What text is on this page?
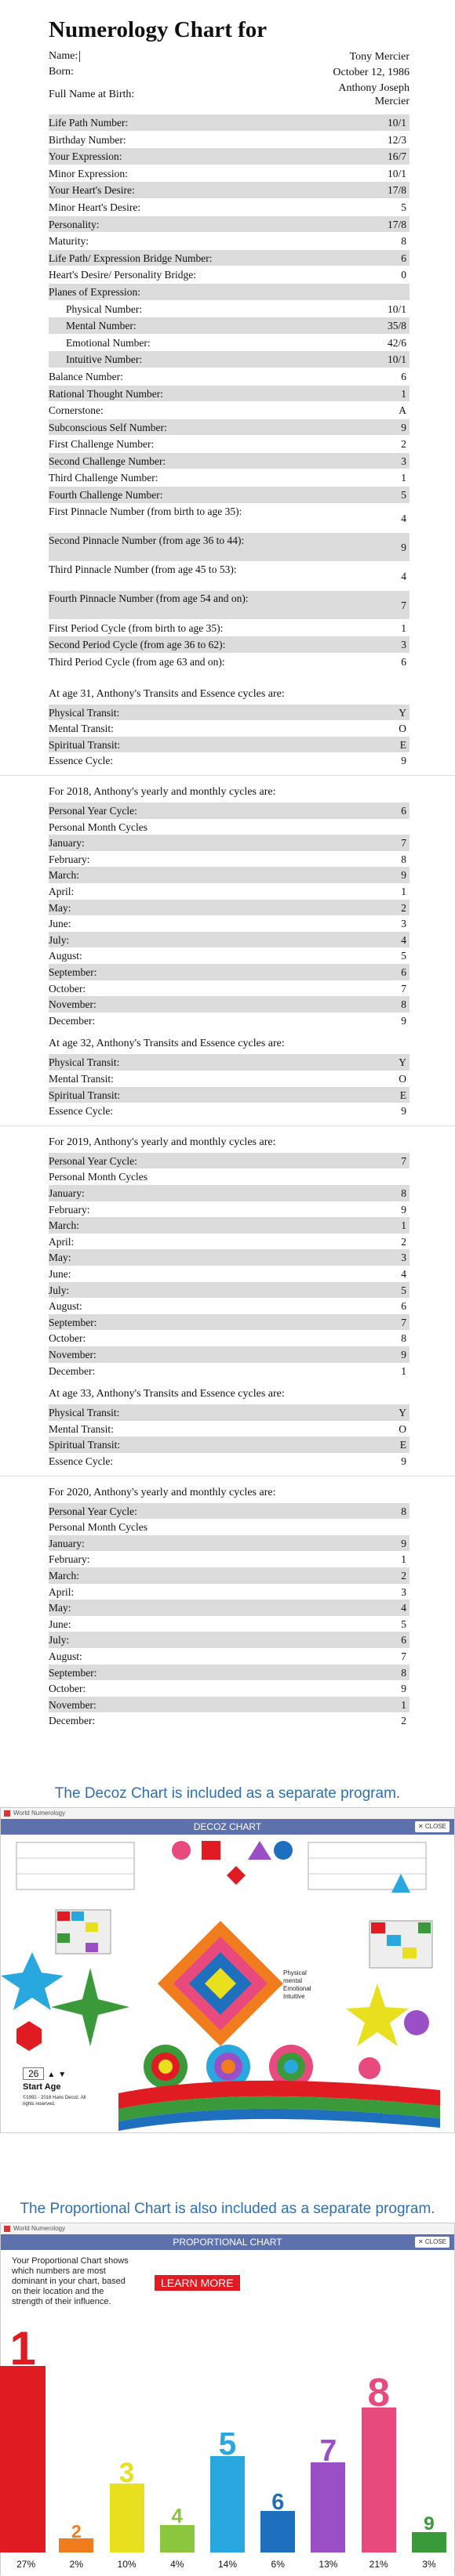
Numerology Chart for
Name:	Tony Mercier
Born:	October 12, 1986
Full Name at Birth:
Anthony Joseph
Mercier
Life Path Number:	10/1
Birthday Number:	12/3
Your Expression:	16/7
Minor Expression:	10/1
Your Heart's Desire:	17/8
Minor Heart's Desire:	5
Personality:	17/8
Maturity:	8
Life Path/ Expression Bridge Number:	6
Heart's Desire/ Personality Bridge:	0
Planes of Expression:
Physical Number:	10/1
Mental Number:	35/8
Emotional Number:	42/6
Intuitive Number:	10/1
Balance Number:	6
Rational Thought Number:	1
Cornerstone:	A
Subconscious Self Number:	9
First Challenge Number:	2
Second Challenge Number:	3
Third Challenge Number:	1
Fourth Challenge Number:	5
First Pinnacle Number (from birth to age 35):
4
Second Pinnacle Number (from age 36 to 44):
9
Third Pinnacle Number (from age 45 to 53):
4
Fourth Pinnacle Number (from age 54 and on):
7
First Period Cycle (from birth to age 35):	1
Second Period Cycle (from age 36 to 62):	3
Third Period Cycle (from age 63 and on):	6
At age 31, Anthony's Transits and Essence cycles are:
Physical Transit:	Y
Mental Transit:	O
Spiritual Transit:	E
Essence Cycle:	9
For 2018, Anthony's yearly and monthly cycles are:
Personal Year Cycle:	6
Personal Month Cycles
January:	7
February:	8
March:	9
April:	1
May:	2
June:	3
July:	4
August:	5
September:	6
October:	7
November:	8
December:	9
At age 32, Anthony's Transits and Essence cycles are:
Physical Transit:	Y
Mental Transit:	O
Spiritual Transit:	E
Essence Cycle:	9
For 2019, Anthony's yearly and monthly cycles are:
Personal Year Cycle:	7
Personal Month Cycles
January:	8
February:	9
March:	1
April:	2
May:	3
June:	4
July:	5
August:	6
September:	7
October:	8
November:	9
December:	1
At age 33, Anthony's Transits and Essence cycles are:
Physical Transit:	Y
Mental Transit:	O
Spiritual Transit:	E
Essence Cycle:	9
For 2020, Anthony's yearly and monthly cycles are:
Personal Year Cycle:	8
Personal Month Cycles
January:	9
February:	1
March:	2
April:	3
May:	4
June:	5
July:	6
August:	7
September:	8
October:	9
November:	1
December:	2
The Decoz Chart is included as a separate program.
World Numerology
DECOZ CHART	✕ CLOSE
Physical
mental
Emotional
Intuitive
26 ▲ ▼
Start Age
©1992 - 2016 Hans Decoz. All rights reserved.
The Proportional Chart is also included as a separate program.
World Numerology
PROPORTIONAL CHART	✕ CLOSE
Your Proportional Chart shows which numbers are most dominant in your chart, based on their location and the strength of their influence.
LEARN MORE
1
27%
2
2%
3
10%
4
4%
5
14%
6
6%
7
13%
8
21%
9
3%
